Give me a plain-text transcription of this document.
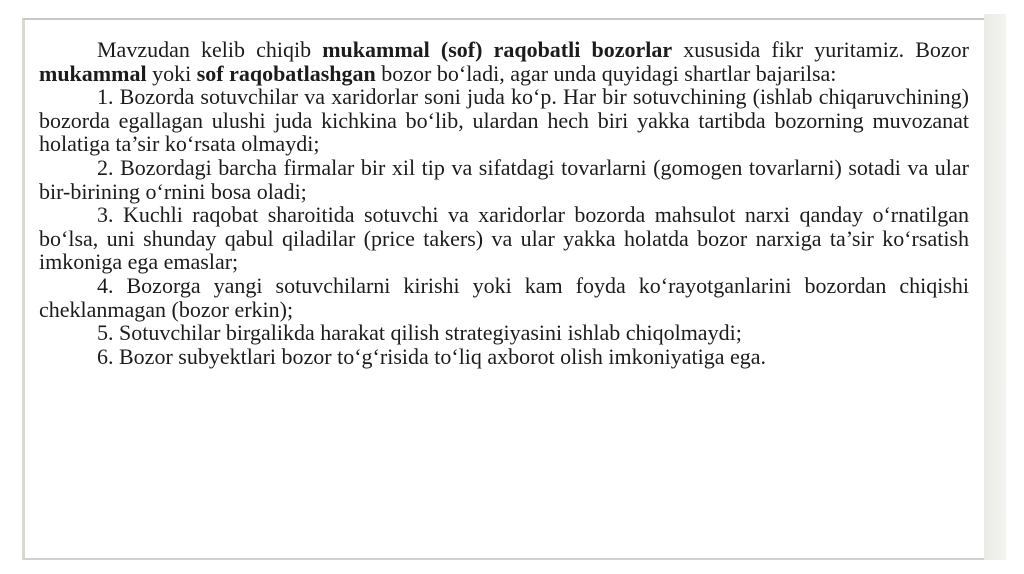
Mavzudan kelib chiqib mukammal (sof) raqobatli bozorlar xususida fikr yuritamiz. Bozor mukammal yoki sof raqobatlashgan bozor bo‘ladi, agar unda quyidagi shartlar bajarilsa:

1. Bozorda sotuvchilar va xaridorlar soni juda ko‘p. Har bir sotuvchining (ishlab chiqaruvchining) bozorda egallagan ulushi juda kichkina bo‘lib, ulardan hech biri yakka tartibda bozorning muvozanat holatiga ta’sir ko‘rsata olmaydi;

2. Bozordagi barcha firmalar bir xil tip va sifatdagi tovarlarni (gomogen tovarlarni) sotadi va ular bir-birining o‘rnini bosa oladi;

3. Kuchli raqobat sharoitida sotuvchi va xaridorlar bozorda mahsulot narxi qanday o‘rnatilgan bo‘lsa, uni shunday qabul qiladilar (price takers) va ular yakka holatda bozor narxiga ta’sir ko‘rsatish imkoniga ega emaslar;

4. Bozorga yangi sotuvchilarni kirishi yoki kam foyda ko‘rayotganlarini bozordan chiqishi cheklanmagan (bozor erkin);

5. Sotuvchilar birgalikda harakat qilish strategiyasini ishlab chiqolmaydi;

6. Bozor subyektlari bozor to‘g‘risida to‘liq axborot olish imkoniyatiga ega.
